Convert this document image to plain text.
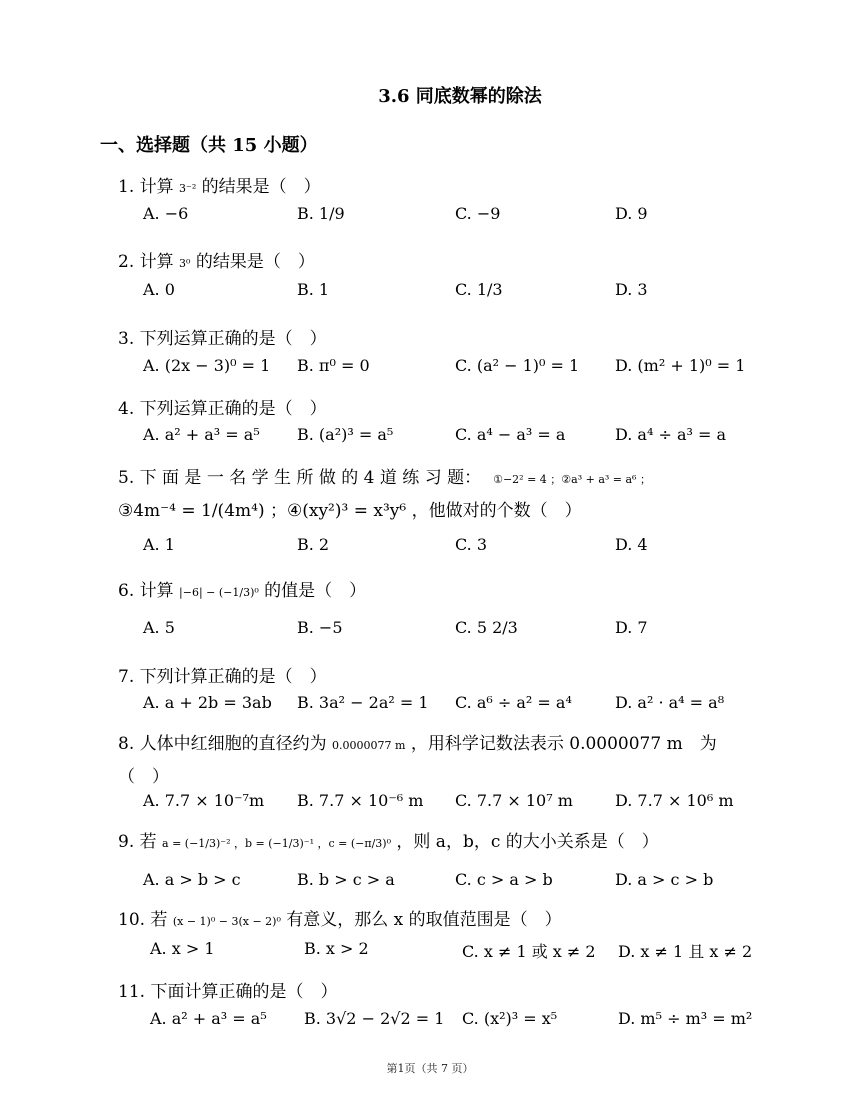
3.6 同底数幂的除法
一、选择题（共 15 小题）
1. 计算 3⁻² 的结果是（　）
A. −6	B. 1/9	C. −9	D. 9
2. 计算 3⁰ 的结果是（　）
A. 0	B. 1	C. 1/3	D. 3
3. 下列运算正确的是（　）
A. (2x − 3)⁰ = 1 B. π⁰ = 0	C. (a² − 1)⁰ = 1 D. (m² + 1)⁰ = 1
4. 下列运算正确的是（　）
A. a² + a³ = a⁵ B. (a²)³ = a⁵	C. a⁴ − a³ = a	D. a⁴ ÷ a³ = a
5. 下 面 是 一 名 学 生 所 做 的 4 道 练 习 题： ①−2² = 4 ；②a³ + a³ = a⁶ ；
③4m⁻⁴ = 1/(4m⁴) ；④(xy²)³ = x³y⁶ ，他做对的个数（　）
A. 1	B. 2	C. 3	D. 4
6. 计算 |−6| − (−1/3)⁰ 的值是（　）
A. 5	B. −5	C. 5 2/3	D. 7
7. 下列计算正确的是（　）
A. a + 2b = 3ab B. 3a² − 2a² = 1 C. a⁶ ÷ a² = a⁴	D. a² · a⁴ = a⁸
8. 人体中红细胞的直径约为 0.0000077 m ，用科学记数法表示 0.0000077 m　为
（　）
A. 7.7 × 10⁻⁷m B. 7.7 × 10⁻⁶ m C. 7.7 × 10⁷ m	D. 7.7 × 10⁶ m
9. 若 a = (−1/3)⁻² ，b = (−1/3)⁻¹ ，c = (−π/3)⁰ ，则 a，b，c 的大小关系是（　）
A. a > b > c	B. b > c > a	C. c > a > b	D. a > c > b
10. 若 (x − 1)⁰ − 3(x − 2)⁰ 有意义，那么 x 的取值范围是（　）
A. x > 1	B. x > 2	C. x ≠ 1 或 x ≠ 2 D. x ≠ 1 且 x ≠ 2
11. 下面计算正确的是（　）
A. a² + a³ = a⁵ B. 3√2 − 2√2 = 1 C. (x²)³ = x⁵	D. m⁵ ÷ m³ = m²
第1页（共 7 页）
